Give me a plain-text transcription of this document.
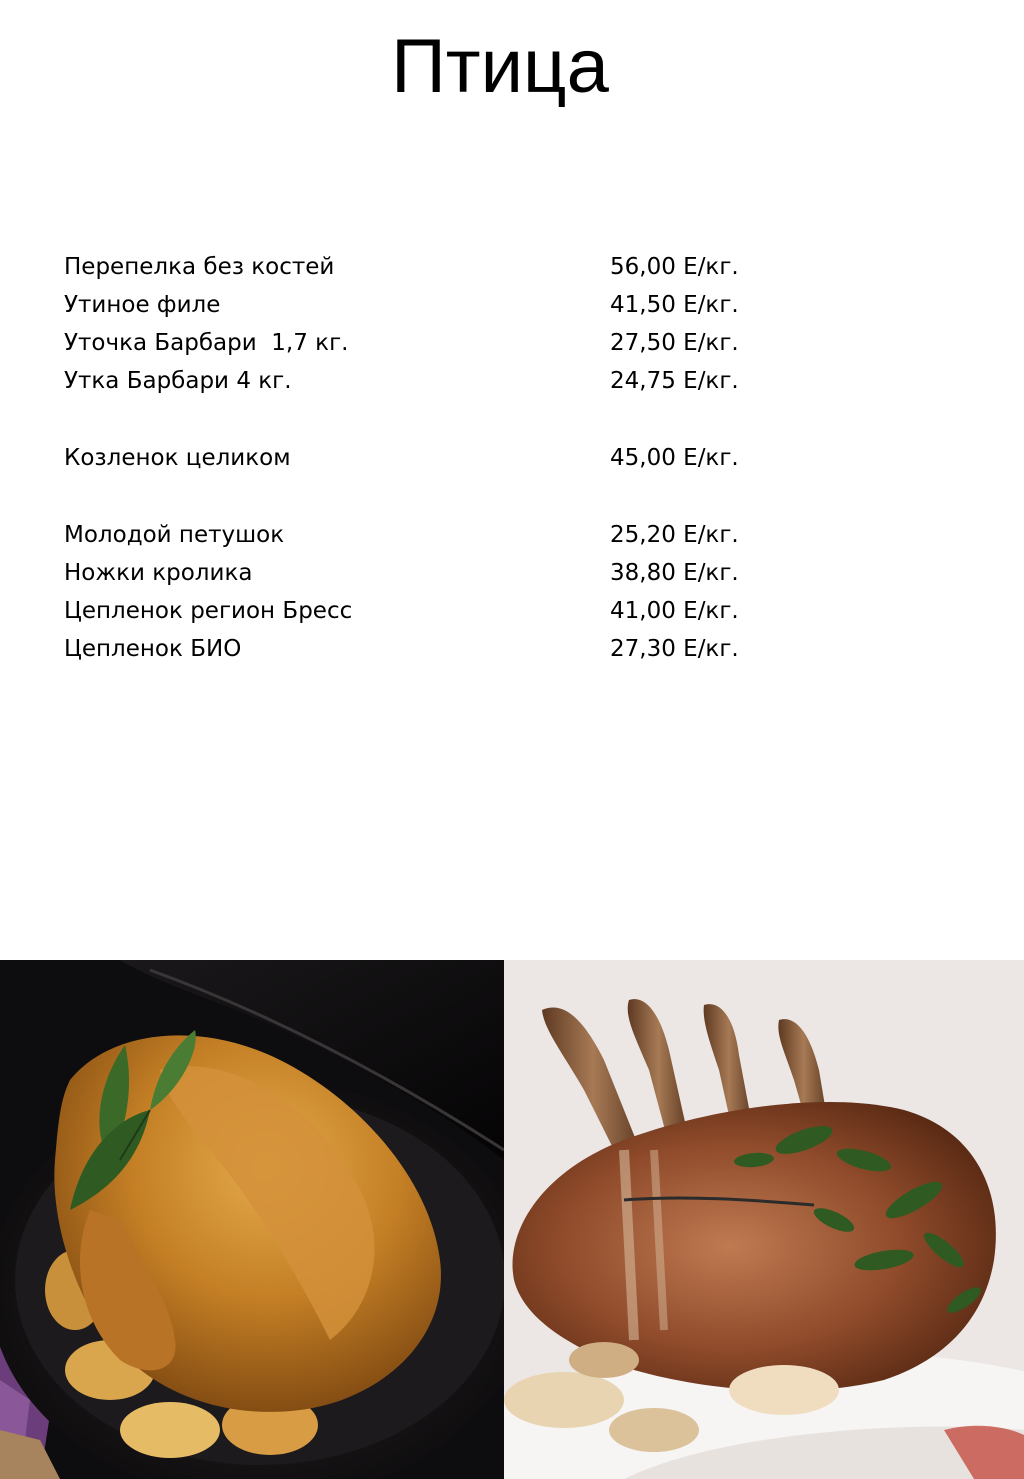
Птица
Перепелка без костей	56,00 Е/кг.
Утиное филе	41,50 Е/кг.
Уточка Барбари  1,7 кг.	27,50 Е/кг.
Утка Барбари 4 кг.	24,75 Е/кг.
Козленок целиком	45,00 Е/кг.
Молодой петушок	25,20 Е/кг.
Ножки кролика	38,80 Е/кг.
Цепленок регион Бресс	41,00 Е/кг.
Цепленок БИО	27,30 Е/кг.
